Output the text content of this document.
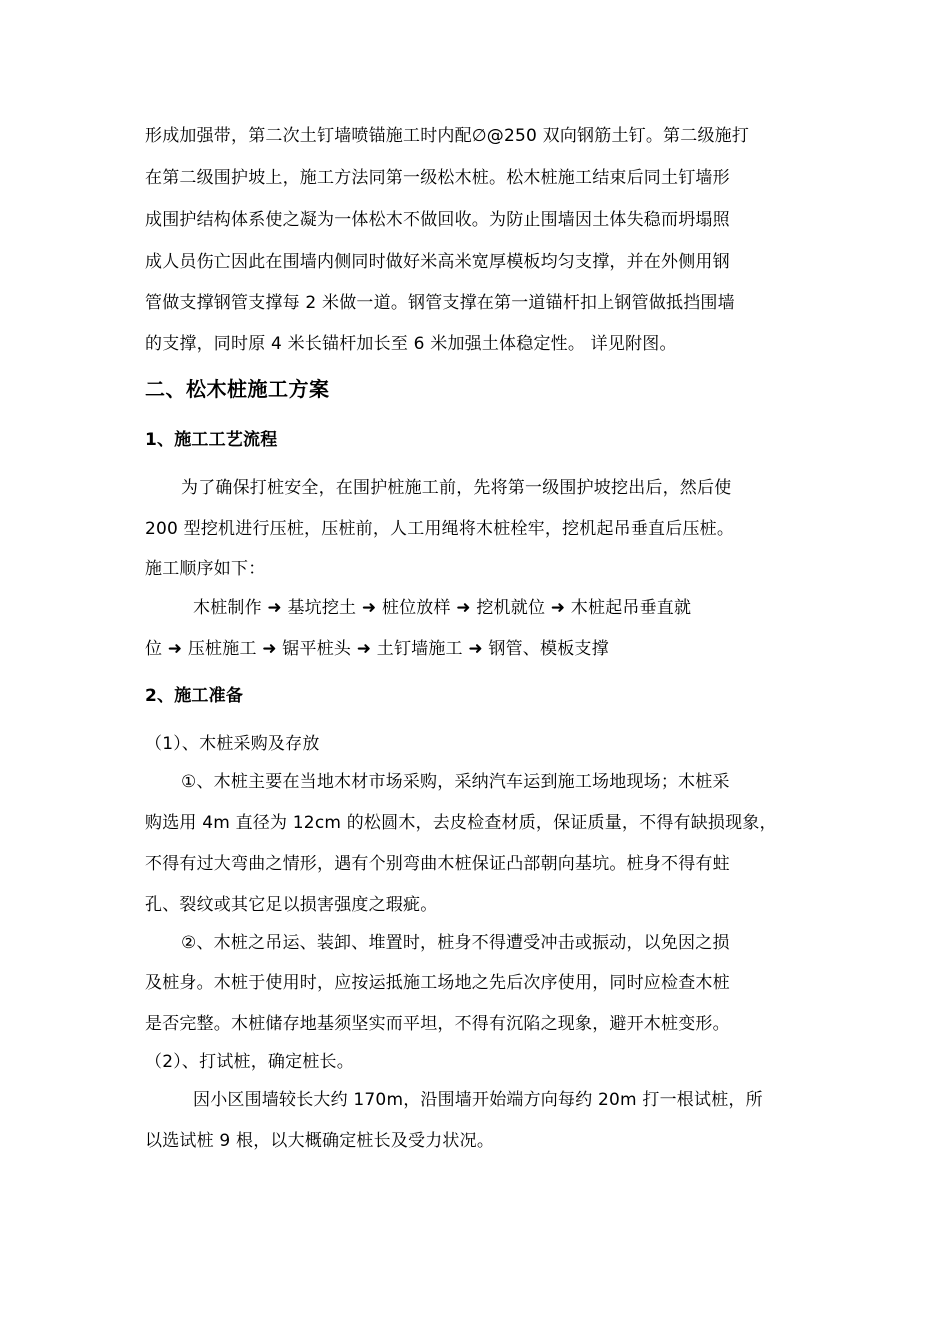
形成加强带，第二次土钉墙喷锚施工时内配∅@250 双向钢筋土钉。第二级施打
在第二级围护坡上，施工方法同第一级松木桩。松木桩施工结束后同土钉墙形
成围护结构体系使之凝为一体松木不做回收。为防止围墙因土体失稳而坍塌照
成人员伤亡因此在围墙内侧同时做好米高米宽厚模板均匀支撑，并在外侧用钢
管做支撑钢管支撑每 2 米做一道。钢管支撑在第一道锚杆扣上钢管做抵挡围墙
的支撑，同时原 4 米长锚杆加长至 6 米加强土体稳定性。 详见附图。
二、松木桩施工方案
1、施工工艺流程
为了确保打桩安全，在围护桩施工前，先将第一级围护坡挖出后，然后使
200 型挖机进行压桩，压桩前，人工用绳将木桩栓牢，挖机起吊垂直后压桩。
施工顺序如下：
木桩制作 ➜ 基坑挖土 ➜ 桩位放样 ➜ 挖机就位 ➜ 木桩起吊垂直就
位 ➜ 压桩施工 ➜ 锯平桩头 ➜ 土钉墙施工 ➜ 钢管、模板支撑
2、施工准备
（1）、木桩采购及存放
①、木桩主要在当地木材市场采购，采纳汽车运到施工场地现场；木桩采
购选用 4m 直径为 12cm 的松圆木，去皮检查材质，保证质量，不得有缺损现象，
不得有过大弯曲之情形，遇有个别弯曲木桩保证凸部朝向基坑。桩身不得有蛀
孔、裂纹或其它足以损害强度之瑕疵。
②、木桩之吊运、装卸、堆置时，桩身不得遭受冲击或振动，以免因之损
及桩身。木桩于使用时，应按运抵施工场地之先后次序使用，同时应检查木桩
是否完整。木桩储存地基须坚实而平坦，不得有沉陷之现象，避开木桩变形。
（2）、打试桩，确定桩长。
因小区围墙较长大约 170m，沿围墙开始端方向每约 20m 打一根试桩，所
以选试桩 9 根，以大概确定桩长及受力状况。
